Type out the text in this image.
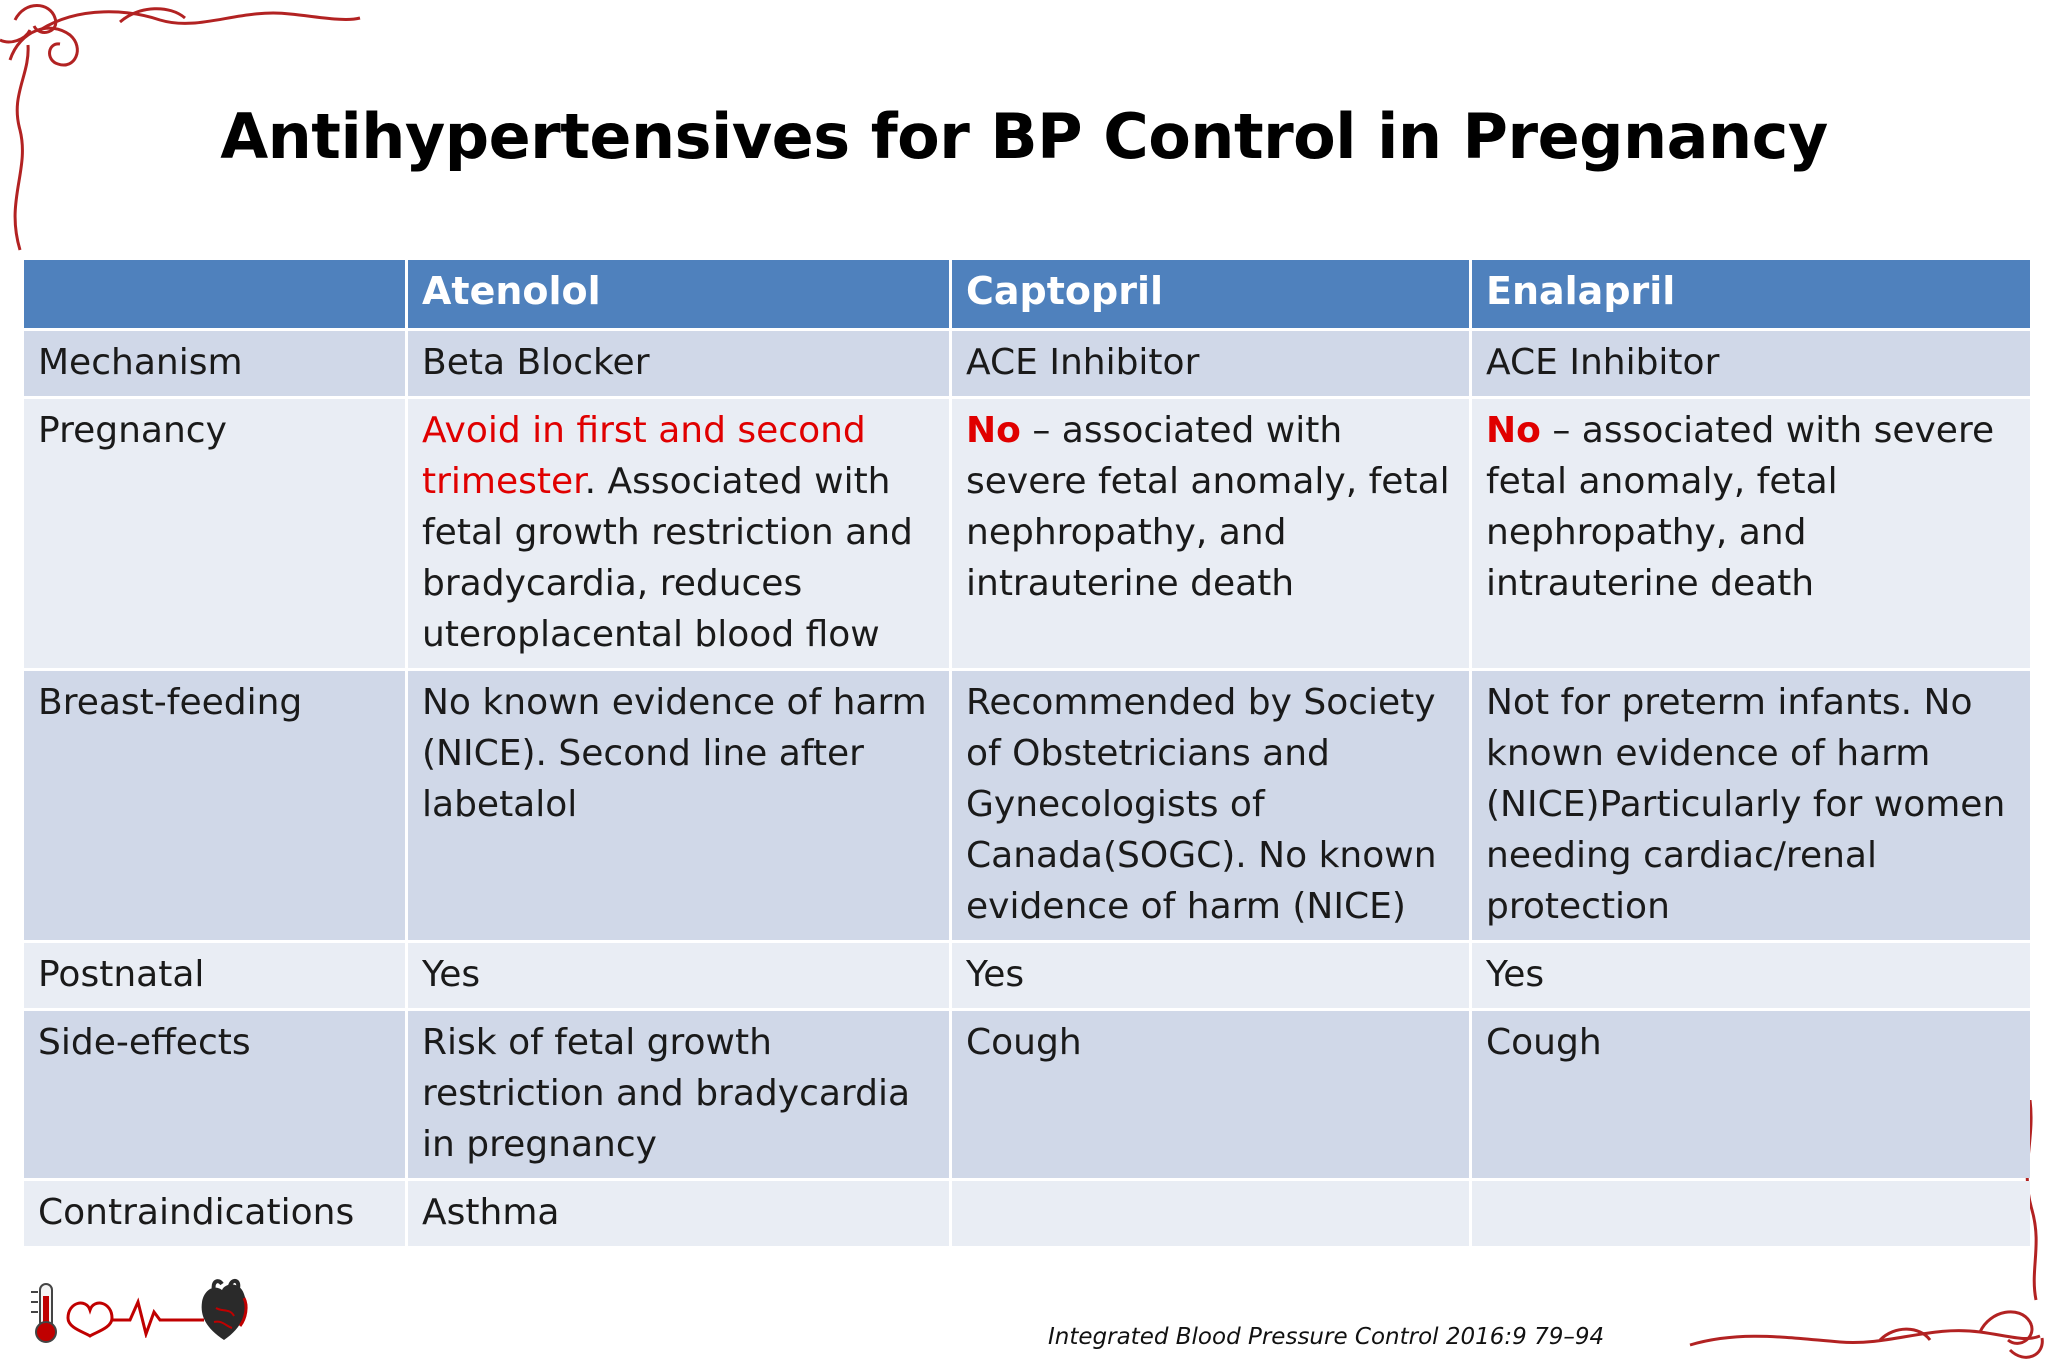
Antihypertensives for BP Control in Pregnancy
	Atenolol	Captopril	Enalapril
Mechanism	Beta Blocker	ACE Inhibitor	ACE Inhibitor
Pregnancy	Avoid in first and second trimester. Associated with fetal growth restriction and bradycardia, reduces uteroplacental blood flow	No – associated with severe fetal anomaly, fetal nephropathy, and intrauterine death	No – associated with severe fetal anomaly, fetal nephropathy, and intrauterine death
Breast-feeding	No known evidence of harm (NICE). Second line after labetalol	Recommended by Society of Obstetricians and Gynecologists of Canada(SOGC). No known evidence of harm (NICE)	Not for preterm infants. No known evidence of harm (NICE)Particularly for women needing cardiac/renal protection
Postnatal	Yes	Yes	Yes
Side-effects	Risk of fetal growth restriction and bradycardia in pregnancy	Cough	Cough
Contraindications	Asthma		
Integrated Blood Pressure Control 2016:9 79–94
